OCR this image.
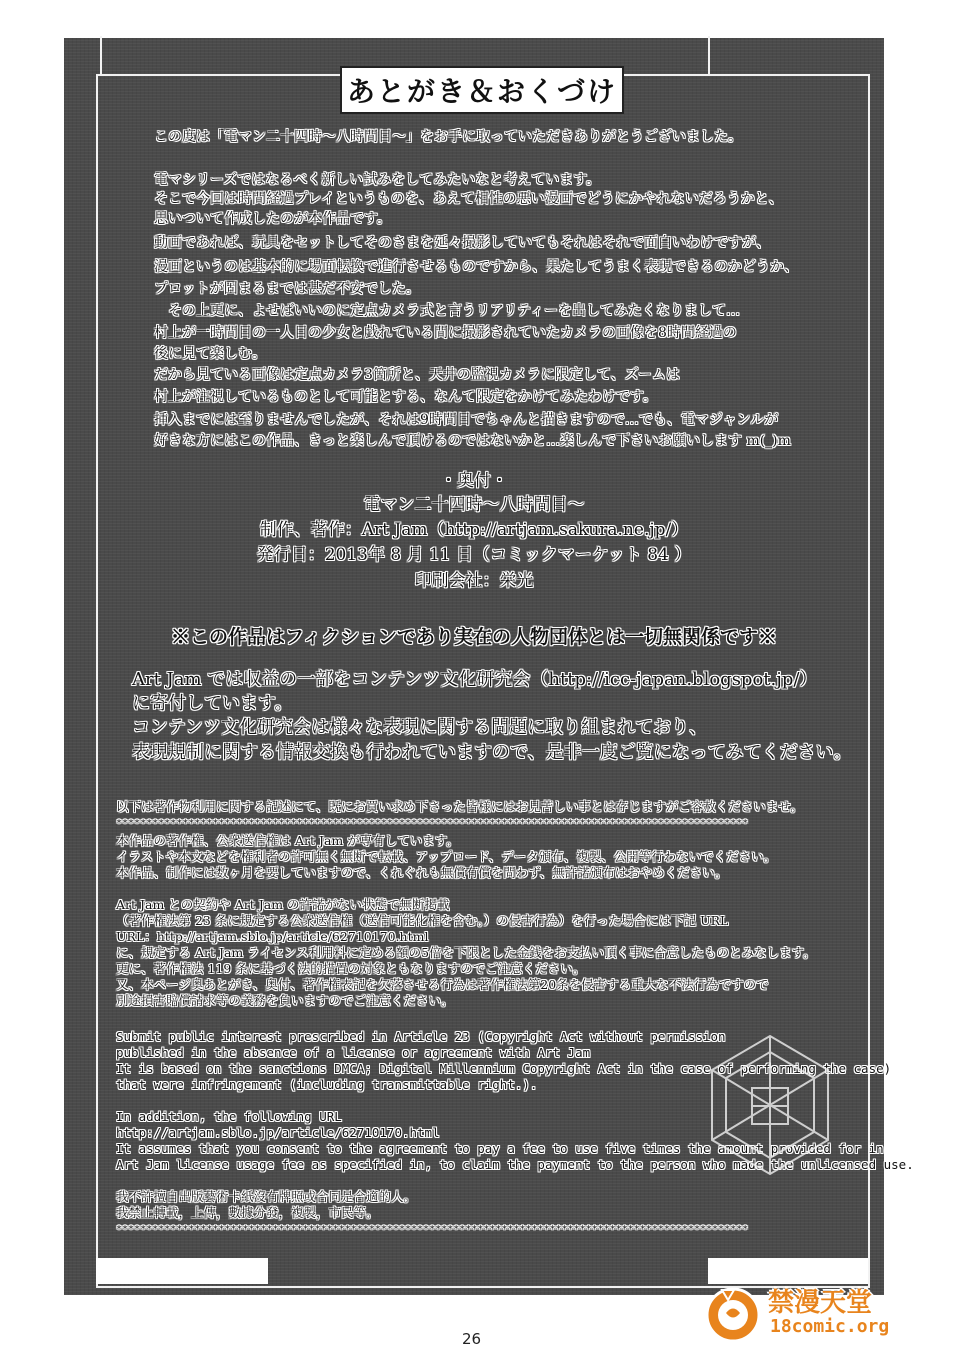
あとがき＆おくづけ
この度は「電マン二十四時～八時間目～」をお手に取っていただきありがとうございました。
電マシリーズではなるべく新しい試みをしてみたいなと考えています。
そこで今回は時間経過プレイというものを、あえて相性の悪い漫画でどうにかやれないだろうかと、
思いついて作成したのが本作品です。
動画であれば、玩具をセットしてそのさまを延々撮影していてもそれはそれで面白いわけですが、
漫画というのは基本的に場面転換で進行させるものですから、果たしてうまく表現できるのかどうか、
プロットが固まるまでは甚だ不安でした。
　その上更に、よせばいいのに定点カメラ式と言うリアリティーを出してみたくなりまして…
村上が一時間目の一人目の少女と戯れている間に撮影されていたカメラの画像を8時間経過の
後に見て楽しむ。
だから見ている画像は定点カメラ3箇所と、天井の監視カメラに限定して、ズームは
村上が注視しているものとして可能とする、なんて限定をかけてみたわけです。
挿入までには至りませんでしたが、それは9時間目でちゃんと描きますので…でも、電マジャンルが
好きな方にはこの作品、きっと楽しんで頂けるのではないかと…楽しんで下さいお願いします m(_)m
・奥付・
電マン二十四時～八時間目～
制作、著作：Art Jam（http://artjam.sakura.ne.jp/）
発行日：2013年 8 月 11 日（コミックマーケット 84 ）
印刷会社：栄光
※この作品はフィクションであり実在の人物団体とは一切無関係です※
Art Jam では収益の一部をコンテンツ文化研究会（http://icc-japan.blogspot.jp/）
に寄付しています。
コンテンツ文化研究会は様々な表現に関する問題に取り組まれており、
表現規制に関する情報交換も行われていますので、是非一度ご覧になってみてください。
以下は著作物利用に関する記述にて、既にお買い求め下さった皆様にはお見苦しい事とは存じますがご容赦くださいませ。
*********************************************************************************************************
本作品の著作権、公衆送信権は Art Jam が専有しています。
イラストや本文などを権利者の許可無く無断で転載、アップロード、データ頒布、複製、公開等行わないでください。
本作品、制作には数ヶ月を要していますので、くれぐれも無償有償を問わず、無許諾頒布はおやめください。
Art Jam との契約や Art Jam の許諾がない状態で無断掲載
（著作権法第 23 条に規定する公衆送信権（送信可能化権を含む。）の侵害行為）を行った場合には下記 URL
URL：http://artjam.sblo.jp/article/62710170.html
に、規定する Art Jam ライセンス利用料に定める額の5倍を下限とした金銭をお支払い頂く事に合意したものとみなします。
更に、著作権法 119 条に基づく法的措置の対象ともなりますのでご注意ください。
又、本ページ奥あとがき、奥付、著作権表記を欠落させる行為は著作権法第20条を侵害する重大な不法行為ですので
別途損害賠償請求等の義務を負いますのでご注意ください。
Submit public interest prescribed in Article 23 (Copyright Act without permission
published in the absence of a license or agreement with Art Jam
It is based on the sanctions DMCA; Digital Millennium Copyright Act in the case of performing the case)
that were infringement (including transmittable right.).
In addition, the following URL
http://artjam.sblo.jp/article/62710170.html
It assumes that you consent to the agreement to pay a fee to use five times the amount provided for in
Art Jam license usage fee as specified in, to claim the payment to the person who made the unlicensed use.
我不許擅自出版藝術卡紙沒有牌照或合同是合適的人。
我禁止轉載，上傳，數據分發，複製，市民等。
*********************************************************************************************************
26
禁漫天堂
18comic.org
